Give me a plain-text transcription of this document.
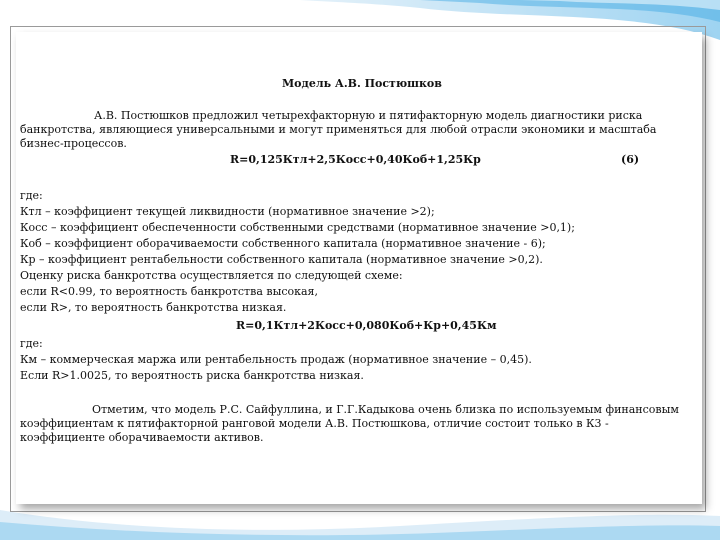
Модель А.В. Постюшков
А.В. Постюшков предложил четырехфакторную и пятифакторную модель диагностики риска
банкротства, являющиеся универсальными и могут применяться для любой отрасли экономики и масштаба
бизнес-процессов.
R=0,125Ктл+2,5Косс+0,40Коб+1,25Кр	(6)
где:
Ктл – коэффициент текущей ликвидности (нормативное значение >2);
Косс – коэффициент обеспеченности собственными средствами (нормативное значение >0,1);
Коб – коэффициент оборачиваемости собственного капитала (нормативное значение - 6);
Кр – коэффициент рентабельности собственного капитала (нормативное значение >0,2).
Оценку риска банкротства осуществляется по следующей схеме:
если R<0.99, то вероятность банкротства высокая,
если R>, то вероятность банкротства низкая.
R=0,1Ктл+2Косс+0,080Коб+Кр+0,45Км
где:
Км – коммерческая маржа или рентабельность продаж (нормативное значение – 0,45).
Если R>1.0025, то вероятность риска банкротства низкая.
Отметим, что модель Р.С. Сайфуллина, и Г.Г.Кадыкова очень близка по используемым финансовым
коэффициентам к пятифакторной ранговой модели А.В. Постюшкова, отличие состоит только в К3 -
коэффициенте оборачиваемости активов.
